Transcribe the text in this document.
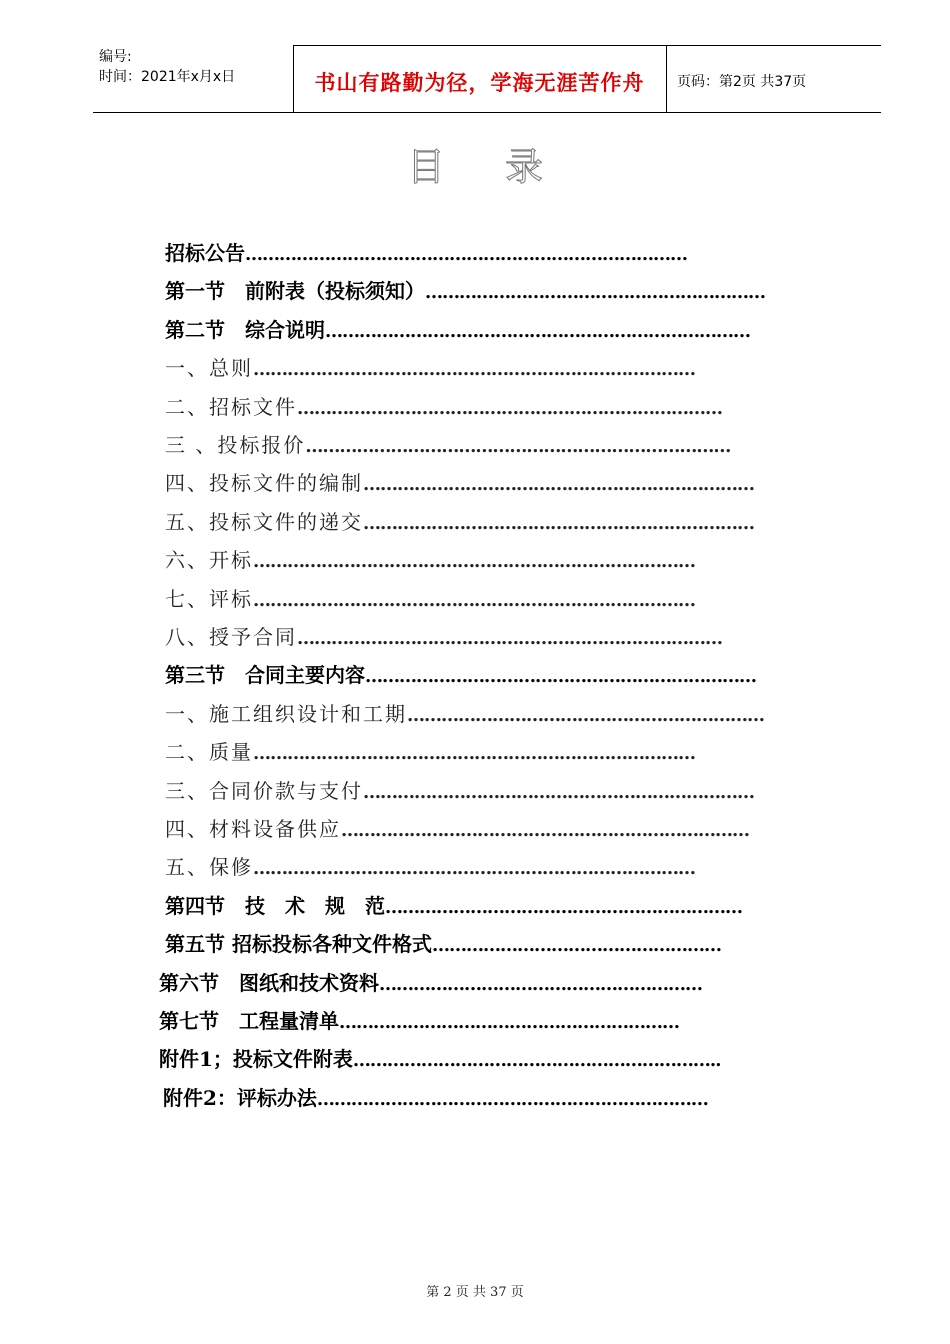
编号:
时间：2021年x月x日	书山有路勤为径，学海无涯苦作舟	页码：第2页 共37页
目录
招标公告……………………………………………………………………
第一节　前附表（投标须知）……………………………………………………
第二节　综合说明…………………………………………………………………
一、总则……………………………………………………………………
二、招标文件…………………………………………………………………
三 、投标报价…………………………………………………………………
四、投标文件的编制……………………………………………………………
五、投标文件的递交……………………………………………………………
六、开标……………………………………………………………………
七、评标……………………………………………………………………
八、授予合同…………………………………………………………………
第三节　合同主要内容……………………………………………………………
一、施工组织设计和工期………………………………………………………
二、质量……………………………………………………………………
三、合同价款与支付……………………………………………………………
四、材料设备供应………………………………………………………………
五、保修……………………………………………………………………
第四节　技　术　规　范………………………………………………………
第五节 招标投标各种文件格式……………………………………………
第六节　图纸和技术资料…………………………………………………
第七节　工程量清单……………………………………………………
附件1；投标文件附表………………………………………………………..
附件2：评标办法……………………………………………………………
第 2 页 共 37 页
